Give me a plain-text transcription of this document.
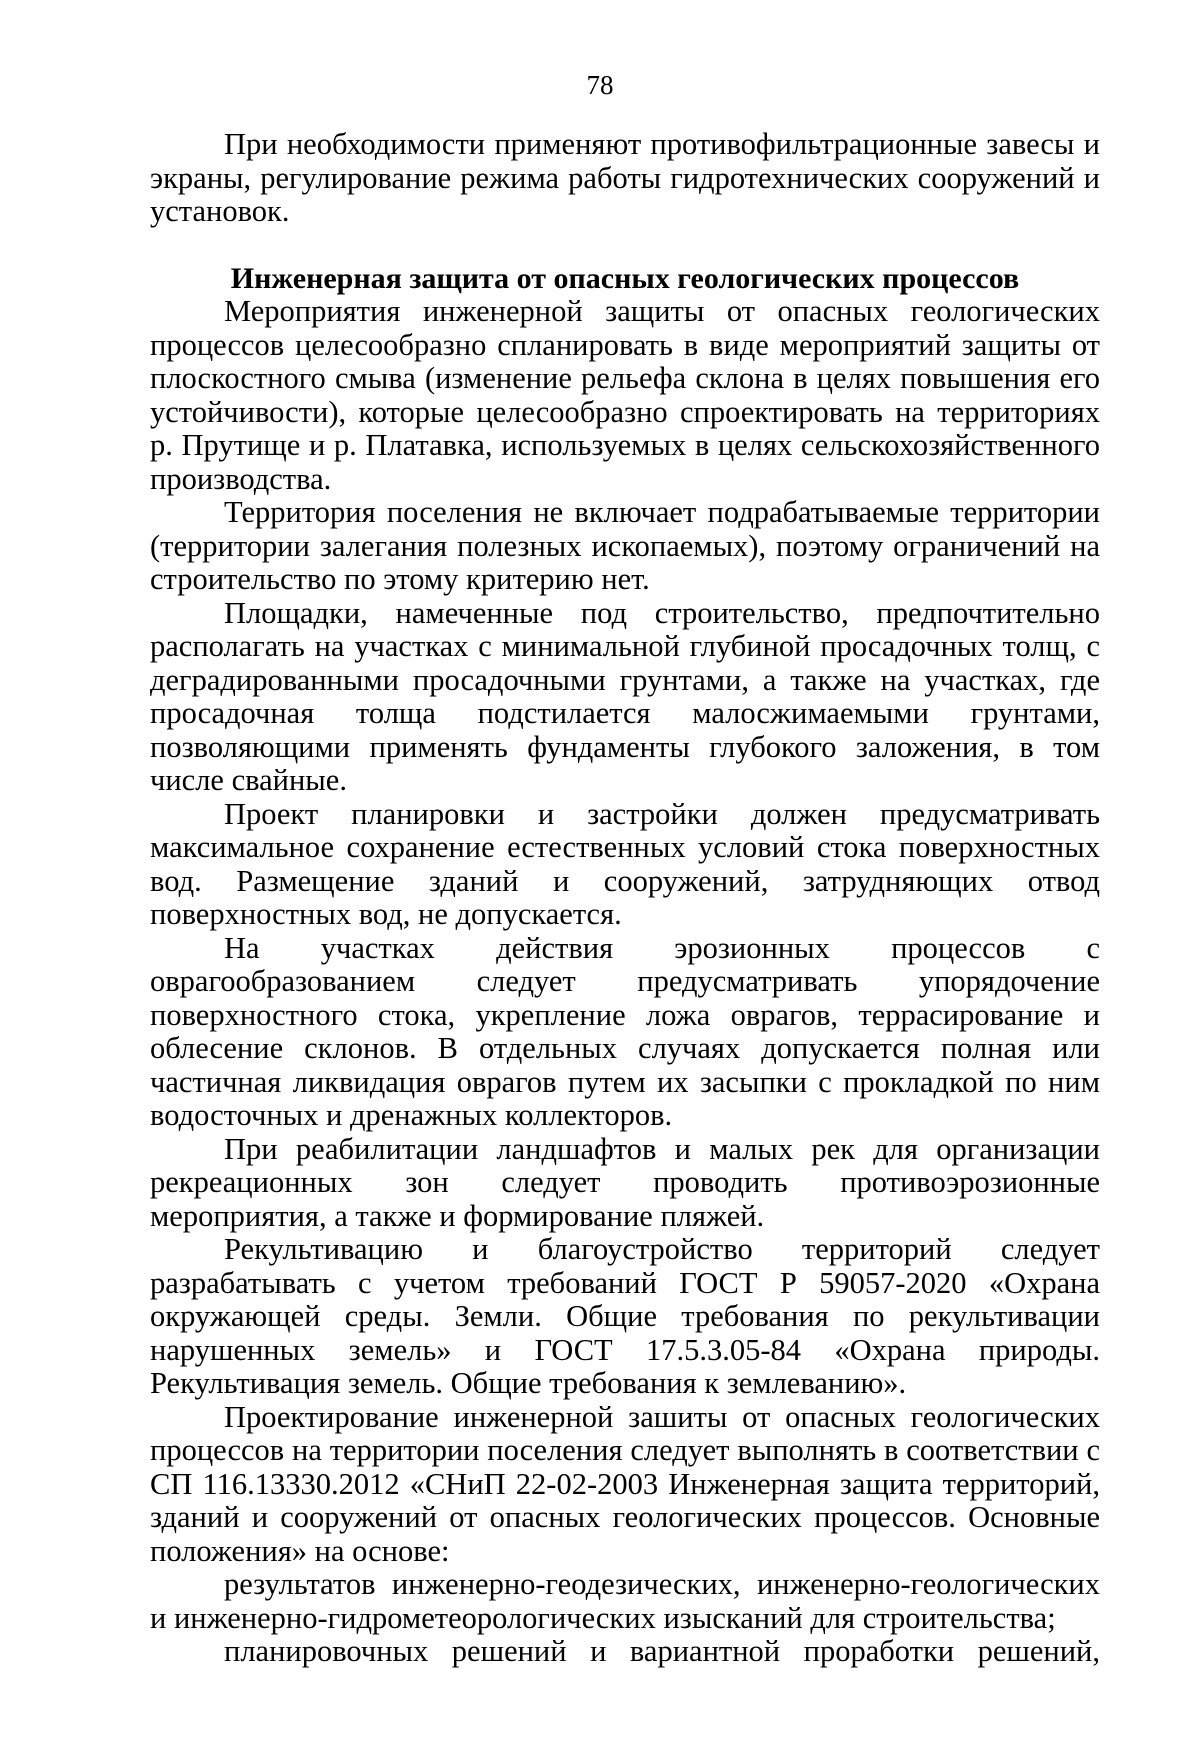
78

При необходимости применяют противофильтрационные завесы и экраны, регулирование режима работы гидротехнических сооружений и установок.

Инженерная защита от опасных геологических процессов

Мероприятия инженерной защиты от опасных геологических процессов целесообразно спланировать в виде мероприятий защиты от плоскостного смыва (изменение рельефа склона в целях повышения его устойчивости), которые целесообразно спроектировать на территориях р. Прутище и р. Платавка, используемых в целях сельскохозяйственного производства.

Территория поселения не включает подрабатываемые территории (территории залегания полезных ископаемых), поэтому ограничений на строительство по этому критерию нет.

Площадки, намеченные под строительство, предпочтительно располагать на участках с минимальной глубиной просадочных толщ, с деградированными просадочными грунтами, а также на участках, где просадочная толща подстилается малосжимаемыми грунтами, позволяющими применять фундаменты глубокого заложения, в том числе свайные.

Проект планировки и застройки должен предусматривать максимальное сохранение естественных условий стока поверхностных вод. Размещение зданий и сооружений, затрудняющих отвод поверхностных вод, не допускается.

На участках действия эрозионных процессов с оврагообразованием следует предусматривать упорядочение поверхностного стока, укрепление ложа оврагов, террасирование и облесение склонов. В отдельных случаях допускается полная или частичная ликвидация оврагов путем их засыпки с прокладкой по ним водосточных и дренажных коллекторов.

При реабилитации ландшафтов и малых рек для организации рекреационных зон следует проводить противоэрозионные мероприятия, а также и формирование пляжей.

Рекультивацию и благоустройство территорий следует разрабатывать с учетом требований ГОСТ Р 59057-2020 «Охрана окружающей среды. Земли. Общие требования по рекультивации нарушенных земель» и ГОСТ 17.5.3.05-84 «Охрана природы. Рекультивация земель. Общие требования к землеванию».

Проектирование инженерной зашиты от опасных геологических процессов на территории поселения следует выполнять в соответствии с СП 116.13330.2012 «СНиП 22-02-2003 Инженерная защита территорий, зданий и сооружений от опасных геологических процессов. Основные положения» на основе:

результатов инженерно-геодезических, инженерно-геологических и инженерно-гидрометеорологических изысканий для строительства;

планировочных решений и вариантной проработки решений,
